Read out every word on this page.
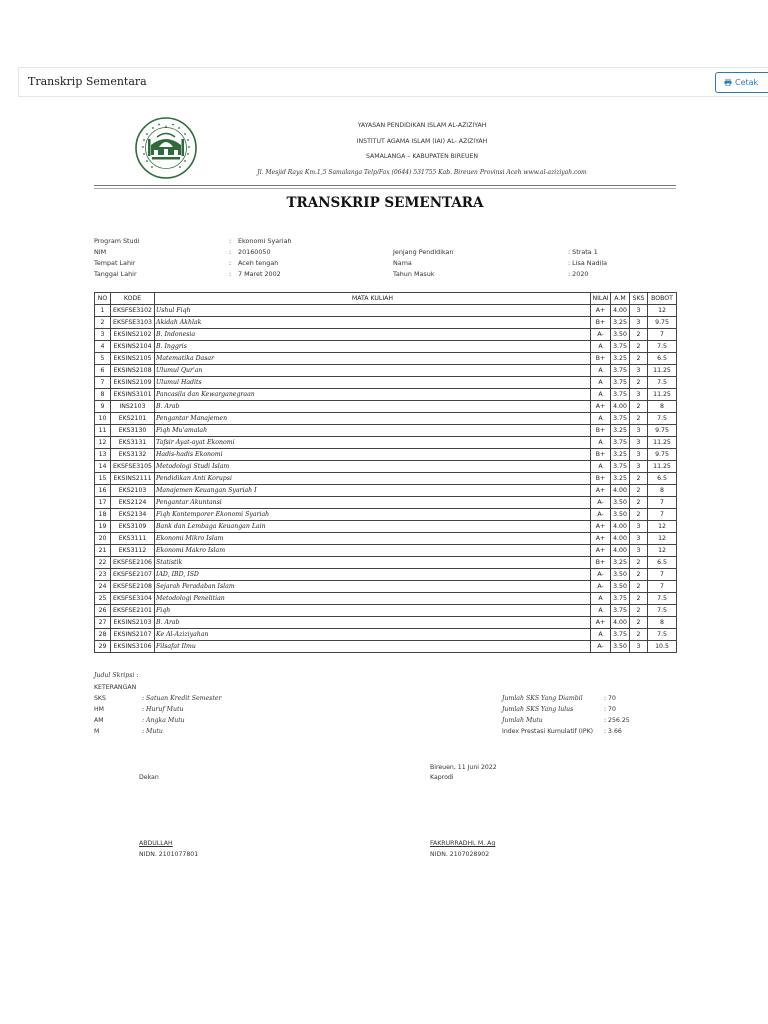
Transkrip Sementara	Cetak
YAYASAN PENDIDIKAN ISLAM AL-AZIZIYAH
INSTITUT AGAMA ISLAM (IAI) AL- AZIZIYAH
SAMALANGA – KABUPATEN BIREUEN
Jl. Mesjid Raya Km.1,5 Samalanga Telp/Fax (0644) 531755 Kab. Bireuen Provinsi Aceh www.al-aziziyah.com
TRANSKRIP SEMENTARA
Program Studi	: Ekonomi Syariah
NIM	: 20160050
Tempat Lahir	: Aceh tengah
Tanggal Lahir	: 7 Maret 2002
Jenjang Pendidikan	: Strata 1
Nama	: Lisa Nadila
Tahun Masuk	: 2020
NO	KODE	MATA KULIAH	NILAI	A.M	SKS	BOBOT
1	EKSFSE3102	Ushul Fiqh	A+	4.00	3	12
2	EKSFSE3103	Akidah Akhlak	B+	3.25	3	9.75
3	EKSINS2102	B. Indonesia	A-	3.50	2	7
4	EKSINS2104	B. Inggris	A	3.75	2	7.5
5	EKSINS2105	Matematika Dasar	B+	3.25	2	6.5
6	EKSINS2108	Ulumul Qur'an	A	3.75	3	11.25
7	EKSINS2109	Ulumul Hadits	A	3.75	2	7.5
8	EKSINS3101	Pancasila dan Kewarganegraan	A	3.75	3	11.25
9	INS2103	B. Arab	A+	4.00	2	8
10	EKS2101	Pengantar Manajemen	A	3.75	2	7.5
11	EKS3130	Fiqh Mu'amalah	B+	3.25	3	9.75
12	EKS3131	Tafsir Ayat-ayat Ekonomi	A	3.75	3	11.25
13	EKS3132	Hadis-hadis Ekonomi	B+	3.25	3	9.75
14	EKSFSE3105	Metodologi Studi Islam	A	3.75	3	11.25
15	EKSINS2111	Pendidikan Anti Korupsi	B+	3.25	2	6.5
16	EKS2103	Manajemen Keuangan Syariah I	A+	4.00	2	8
17	EKS2124	Pengantar Akuntansi	A-	3.50	2	7
18	EKS2134	Fiqh Kontemporer Ekonomi Syariah	A-	3.50	2	7
19	EKS3109	Bank dan Lembaga Keuangan Lain	A+	4.00	3	12
20	EKS3111	Ekonomi Mikro Islam	A+	4.00	3	12
21	EKS3112	Ekonomi Makro Islam	A+	4.00	3	12
22	EKSFSE2106	Statistik	B+	3.25	2	6.5
23	EKSFSE2107	IAD, IBD, ISD	A-	3.50	2	7
24	EKSFSE2108	Sejarah Peradaban Islam	A-	3.50	2	7
25	EKSFSE3104	Metodologi Penelitian	A	3.75	2	7.5
26	EKSFSE2101	Fiqh	A	3.75	2	7.5
27	EKSINS2103	B. Arab	A+	4.00	2	8
28	EKSINS2107	Ke Al-Aziziyahan	A	3.75	2	7.5
29	EKSINS3106	Filsafat Ilmu	A-	3.50	3	10.5
Judul Skripsi :
KETERANGAN
SKS	: Satuan Kredit Semester
HM	: Huruf Mutu
AM	: Angka Mutu
M	: Mutu
Jumlah SKS Yang Diambil	: 70
Jumlah SKS Yang lulus	: 70
Jumlah Mutu	: 256.25
Index Prestasi Kumulatif (IPK) : 3.66
Bireuen, 11 Juni 2022
Dekan	Kaprodi
ABDULLAH
NIDN. 2101077801
FAKRURRADHI, M. Ag
NIDN. 2107028902
